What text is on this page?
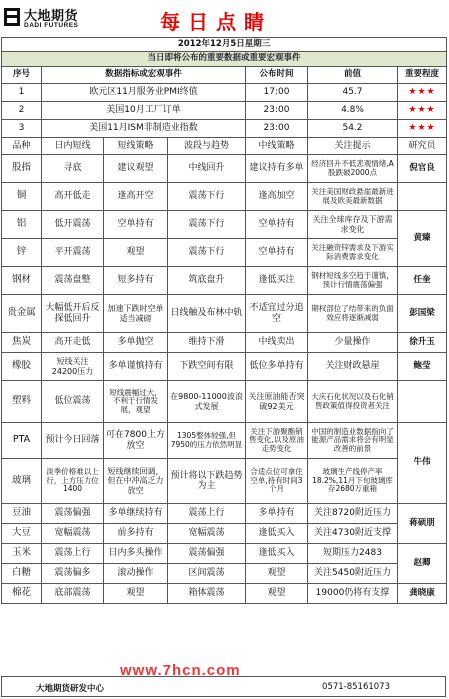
大地期货
DADI FUTURES	每日点睛
2012年12月5日星期三						
当日即将公布的重要数据或重要宏观事件						
序号	数据指标或宏观事件			公布时间	前值	重要程度
1	欧元区11月服务业PMI终值			17:00	45.7	★★★
2	美国10月工厂订单			23:00	4.8%	★★★
3	美国11月ISM非制造业指数			23:00	54.2	★★★
品种	日内短线	短线策略	波段与趋势	中线策略	关注提示	研究员
股指	寻底	建议观望	中线回升	建议持有多单	经济回升不低悲观情绪,A股跌破2000点	倪官良
铜	高开低走	逢高开空	震荡下行	逢高加空	关注美国财政悬崖最新进展及欧美最新数据	
铝	低开震荡	空单持有	震荡下行	空单持有	关注全球库存及下游需求变化	黄臻
锌	平开震荡	观望	震荡下行	空单持有	关注融资锌需求及下游实际消费需求变化	
钢材	震荡盘整	短多持有	筑底盘升	逢低买注	钢材短线多空趋于谨慎，预计行情震荡偏强	任奎
贵金属	大幅低开后反探低回升	加速下跌时空单适当减磅	日线触及布林中轨	不适宜过分追空	期权部位了结带来的负面效应将逐渐减弱	彭国梁
焦炭	高开走低	多单抛空	维持下滑	中线卖出	少量操作	徐升玉
橡胶	短线关注24200压力	多单谨慎持有	下跌空间有限	低位多单持有	关注财政悬崖	鲍莹
塑料	低位震荡	短线震幅过大，不利于行情发展，观望	在9800-11000波浪式发展	关注原油能否突破92美元	大庆石化状况以及石化销售政策值得投资者关注	
PTA	预计今日回落	可在7800上方放空	1305整体较强,但7950的压力依然明显	关注下游聚酯销售变化,以及原油走势变化	中国的制造业数据指向了能源产品需求将会有明显改善的前景	牛伟
玻璃	淡季价格难以上行，上方压力位1400	短线继续回调，但在中冲高乏力放空	预计将以下跌趋势为主	合适点位可拿住空单,持有时间3个月	玻璃生产线停产率18.2%,11月下旬玻璃库存2680万重箱	
豆油	震荡偏强	多单继续持有	震荡上行	多单持有	关注8720附近压力	蒋硕朋
大豆	宽幅震荡	前多持有	宽幅震荡	逢低买入	关注4730附近支撑	
玉米	震荡上行	日内多头操作	震荡偏强	逢低买入	短期压力2483	赵卿
白糖	震荡偏多	滚动操作	区间震荡	观望	关注5450附近压力	
棉花	底部震荡	观望	箱体震荡	观望	19000仍将有支撑	龚晓康
www.7hcn.com
大地期货研发中心	0571-85161073
